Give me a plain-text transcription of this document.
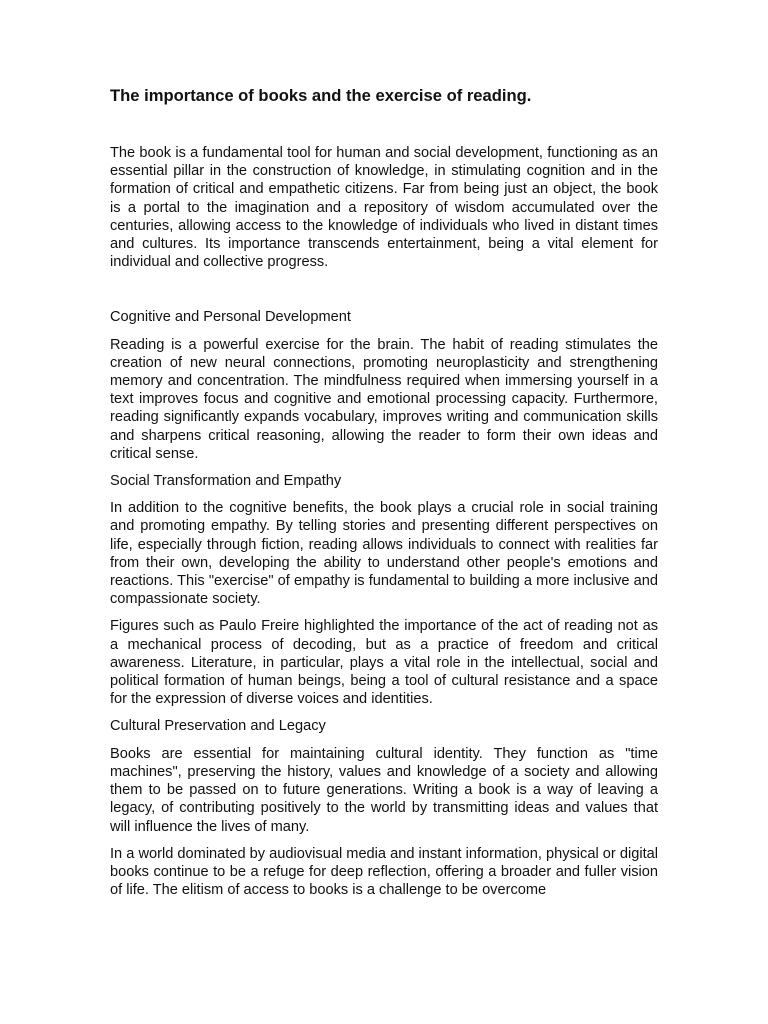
The importance of books and the exercise of reading.

The book is a fundamental tool for human and social development, functioning as an essential pillar in the construction of knowledge, in stimulating cognition and in the formation of critical and empathetic citizens. Far from being just an object, the book is a portal to the imagination and a repository of wisdom accumulated over the centuries, allowing access to the knowledge of individuals who lived in distant times and cultures. Its importance transcends entertainment, being a vital element for individual and collective progress.

Cognitive and Personal Development

Reading is a powerful exercise for the brain. The habit of reading stimulates the creation of new neural connections, promoting neuroplasticity and strengthening memory and concentration. The mindfulness required when immersing yourself in a text improves focus and cognitive and emotional processing capacity. Furthermore, reading significantly expands vocabulary, improves writing and communication skills and sharpens critical reasoning, allowing the reader to form their own ideas and critical sense.

Social Transformation and Empathy

In addition to the cognitive benefits, the book plays a crucial role in social training and promoting empathy. By telling stories and presenting different perspectives on life, especially through fiction, reading allows individuals to connect with realities far from their own, developing the ability to understand other people's emotions and reactions. This "exercise" of empathy is fundamental to building a more inclusive and compassionate society.

Figures such as Paulo Freire highlighted the importance of the act of reading not as a mechanical process of decoding, but as a practice of freedom and critical awareness. Literature, in particular, plays a vital role in the intellectual, social and political formation of human beings, being a tool of cultural resistance and a space for the expression of diverse voices and identities.

Cultural Preservation and Legacy

Books are essential for maintaining cultural identity. They function as "time machines", preserving the history, values and knowledge of a society and allowing them to be passed on to future generations. Writing a book is a way of leaving a legacy, of contributing positively to the world by transmitting ideas and values that will influence the lives of many.

In a world dominated by audiovisual media and instant information, physical or digital books continue to be a refuge for deep reflection, offering a broader and fuller vision of life. The elitism of access to books is a challenge to be overcome
